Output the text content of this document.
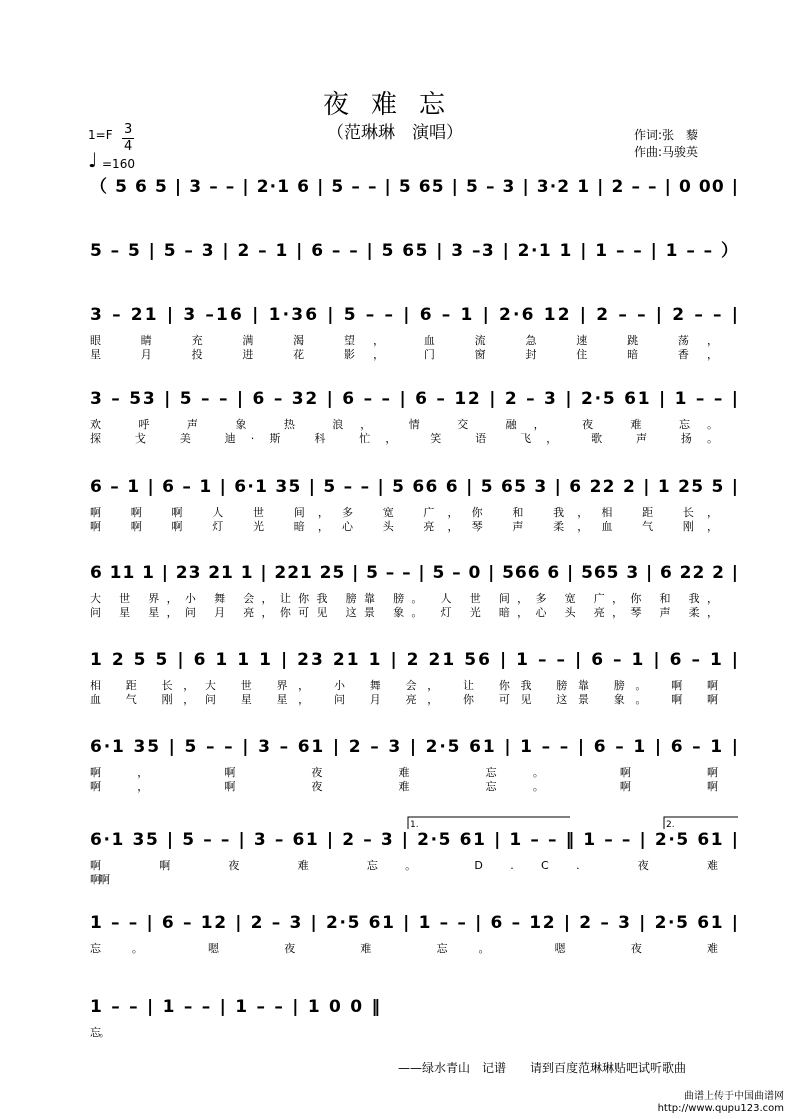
夜难忘
（范琳琳　演唱）
1=F 3
4
♩ =160
作词:张　藜
作曲:马骏英
（ 5 6 5 | 3 – – | 2·1 6 | 5 – – | 5 65 | 5 – 3 | 3·2 1 | 2 – – | 0 00 |
5 – 5 | 5 – 3 | 2 – 1 | 6 – – | 5 65 | 3 –3 | 2·1 1 | 1 – – | 1 – – ）
3 – 21 | 3 –16 | 1·36 | 5 – – | 6 – 1 | 2·6 12 | 2 – – | 2 – – |
眼 睛 充 满 渴 望， 血 流 急 速 跳 荡，
星 月 投 进 花 影， 门 窗 封 住 暗 香，
3 – 53 | 5 – – | 6 – 32 | 6 – – | 6 – 12 | 2 – 3 | 2·5 61 | 1 – – |
欢 呼 声 象 热 浪， 情 交 融， 夜 难 忘。
探 戈 美 迪·斯 科 忙， 笑 语 飞， 歌 声 扬。
6 – 1 | 6 – 1 | 6·1 35 | 5 – – | 5 66 6 | 5 65 3 | 6 22 2 | 1 25 5 |
啊 啊 啊 人 世 间，多 宽 广，你 和 我，相 距 长，
啊 啊 啊 灯 光 暗，心 头 亮，琴 声 柔，血 气 刚，
6 11 1 | 23 21 1 | 221 25 | 5 – – | 5 – 0 | 566 6 | 565 3 | 6 22 2 |
大 世 界，小 舞 会，让你我 膀靠 膀。 人 世 间，多 宽 广，你 和 我，
问 星 星，问 月 亮，你可见 这景 象。 灯 光 暗，心 头 亮，琴 声 柔，
1 2 5 5 | 6 1 1 1 | 23 21 1 | 2 21 56 | 1 – – | 6 – 1 | 6 – 1 |
相 距 长，大 世 界， 小 舞 会， 让 你我 膀靠 膀。 啊 啊
血 气 刚，问 星 星， 问 月 亮， 你 可见 这景 象。 啊 啊
6·1 35 | 5 – – | 3 – 61 | 2 – 3 | 2·5 61 | 1 – – | 6 – 1 | 6 – 1 |
啊， 啊 夜 难 忘。 啊 啊
啊， 啊 夜 难 忘。 啊 啊
6·1 35 | 5 – – | 3 – 61 | 2 – 3 | 2·5 61 | 1 – – ‖ 1 – – | 2·5 61 |
啊 啊 夜 难 忘。 D.C. 夜 难
啊 啊
1.	2.
1 – – | 6 – 12 | 2 – 3 | 2·5 61 | 1 – – | 6 – 12 | 2 – 3 | 2·5 61 |
忘。 嗯 夜 难 忘。 嗯 夜 难
1 – – | 1 – – | 1 – – | 1 0 0 ‖
忘。
——绿水青山　记谱　　请到百度范琳琳贴吧试听歌曲
曲谱上传于中国曲谱网
http://www.qupu123.com
